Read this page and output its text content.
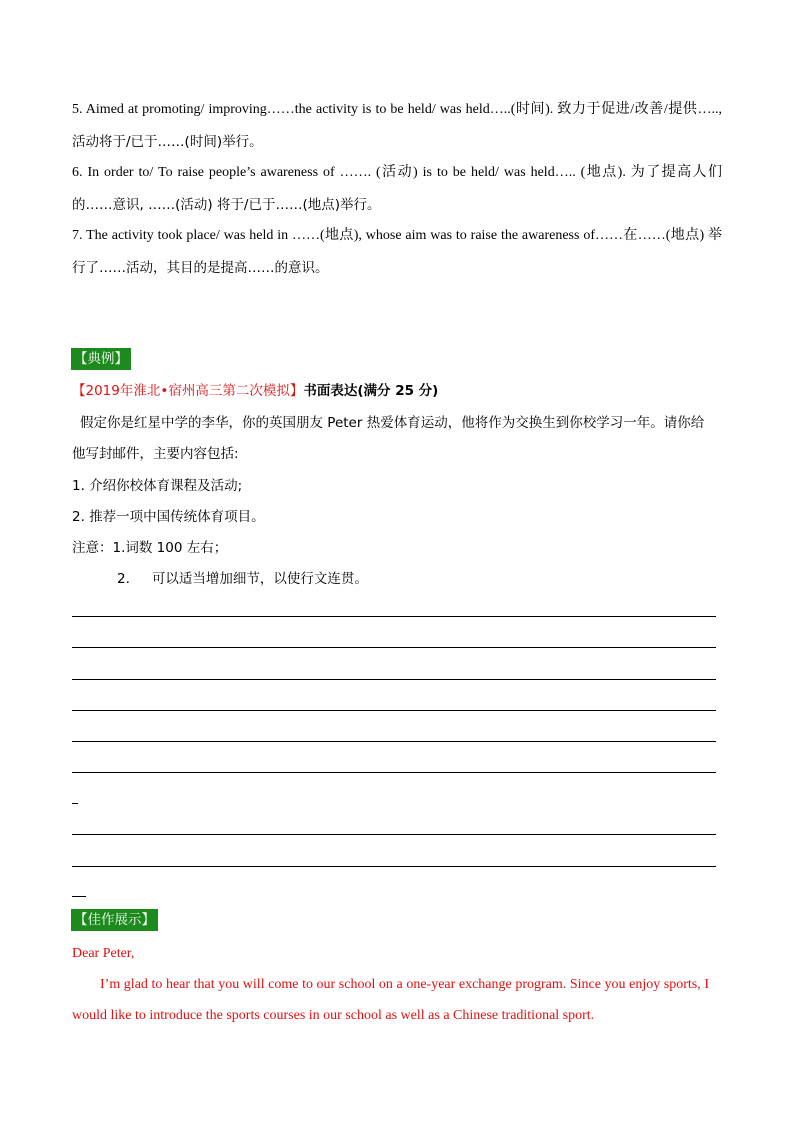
5. Aimed at promoting/ improving……the activity is to be held/ was held…..(时间). 致力于促进/改善/提供…..,
活动将于/已于……(时间)举行。
6. In order to/ To raise people’s awareness of ……. (活动) is to be held/ was held….. (地点). 为了提高人们
的……意识, ……(活动) 将于/已于……(地点)举行。
7. The activity took place/ was held in ……(地点), whose aim was to raise the awareness of……在……(地点) 举
行了……活动，其目的是提高……的意识。
【典例】
【2019年淮北•宿州高三第二次模拟】书面表达(满分 25 分)
假定你是红星中学的李华，你的英国朋友 Peter 热爱体育运动，他将作为交换生到你校学习一年。请你给
他写封邮件，主要内容包括:
1. 介绍你校体育课程及活动;
2. 推荐一项中国传统体育项目。
注意：1.词数 100 左右；
2. 可以适当增加细节，以使行文连贯。
【佳作展示】
Dear Peter,
I’m glad to hear that you will come to our school on a one-year exchange program. Since you enjoy sports, I
would like to introduce the sports courses in our school as well as a Chinese traditional sport.
